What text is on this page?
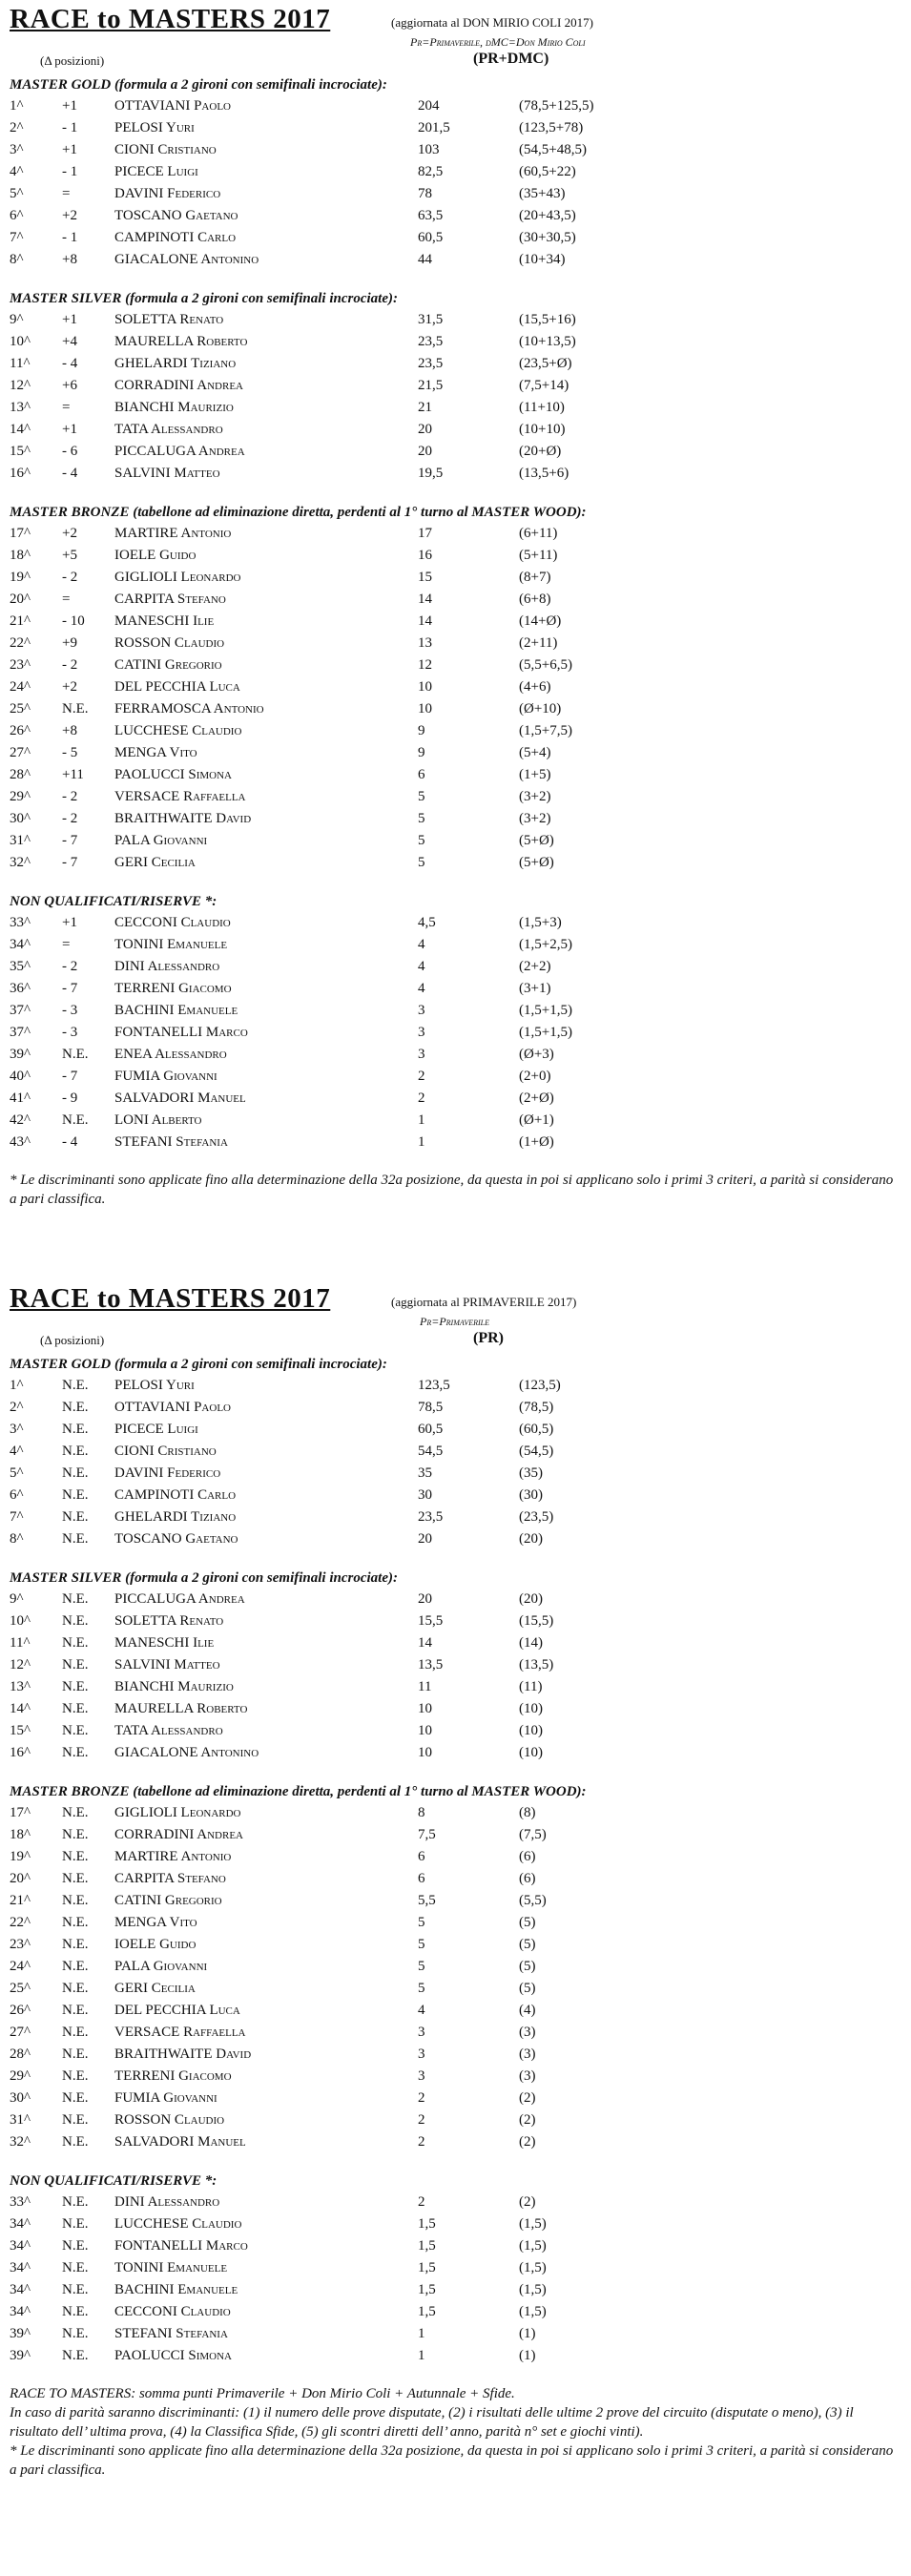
RACE to MASTERS 2017	(aggiornata al DON MIRIO COLI 2017)
Pr=Primaverile, dMC=Don Mirio Coli
(Δ posizioni)	(PR+DMC)
MASTER GOLD (formula a 2 gironi con semifinali incrociate):
1^	+1	OTTAVIANI Paolo	204	(78,5+125,5)
2^	- 1	PELOSI Yuri	201,5	(123,5+78)
3^	+1	CIONI Cristiano	103	(54,5+48,5)
4^	- 1	PICECE Luigi	82,5	(60,5+22)
5^	=	DAVINI Federico	78	(35+43)
6^	+2	TOSCANO Gaetano	63,5	(20+43,5)
7^	- 1	CAMPINOTI Carlo	60,5	(30+30,5)
8^	+8	GIACALONE Antonino	44	(10+34)
MASTER SILVER (formula a 2 gironi con semifinali incrociate):
9^	+1	SOLETTA Renato	31,5	(15,5+16)
10^ +4	MAURELLA Roberto	23,5	(10+13,5)
11^ - 4	GHELARDI Tiziano	23,5	(23,5+Ø)
12^ +6	CORRADINI Andrea	21,5	(7,5+14)
13^ =	BIANCHI Maurizio	21	(11+10)
14^ +1	TATA Alessandro	20	(10+10)
15^ - 6	PICCALUGA Andrea	20	(20+Ø)
16^ - 4	SALVINI Matteo	19,5	(13,5+6)
MASTER BRONZE (tabellone ad eliminazione diretta, perdenti al 1° turno al MASTER WOOD):
17^ +2	MARTIRE Antonio	17	(6+11)
18^ +5	IOELE Guido	16	(5+11)
19^ - 2	GIGLIOLI Leonardo	15	(8+7)
20^ =	CARPITA Stefano	14	(6+8)
21^ - 10 MANESCHI Ilie	14	(14+Ø)
22^ +9	ROSSON Claudio	13	(2+11)
23^ - 2	CATINI Gregorio	12	(5,5+6,5)
24^ +2	DEL PECCHIA Luca	10	(4+6)
25^ N.E. FERRAMOSCA Antonio	10	(Ø+10)
26^ +8	LUCCHESE Claudio	9	(1,5+7,5)
27^ - 5	MENGA Vito	9	(5+4)
28^ +11 PAOLUCCI Simona	6	(1+5)
29^ - 2	VERSACE Raffaella	5	(3+2)
30^ - 2	BRAITHWAITE David	5	(3+2)
31^ - 7	PALA Giovanni	5	(5+Ø)
32^ - 7	GERI Cecilia	5	(5+Ø)
NON QUALIFICATI/RISERVE *:
33^ +1	CECCONI Claudio	4,5	(1,5+3)
34^ =	TONINI Emanuele	4	(1,5+2,5)
35^ - 2	DINI Alessandro	4	(2+2)
36^ - 7	TERRENI Giacomo	4	(3+1)
37^ - 3	BACHINI Emanuele	3	(1,5+1,5)
37^ - 3	FONTANELLI Marco	3	(1,5+1,5)
39^ N.E. ENEA Alessandro	3	(Ø+3)
40^ - 7	FUMIA Giovanni	2	(2+0)
41^ - 9	SALVADORI Manuel	2	(2+Ø)
42^ N.E. LONI Alberto	1	(Ø+1)
43^ - 4	STEFANI Stefania	1	(1+Ø)

* Le discriminanti sono applicate fino alla determinazione della 32a posizione, da questa in poi si applicano solo i primi 3 criteri, a parità si considerano a pari classifica.

RACE to MASTERS 2017	(aggiornata al PRIMAVERILE 2017)
Pr=Primaverile
(Δ posizioni)	(PR)
MASTER GOLD (formula a 2 gironi con semifinali incrociate):
1^	N.E. PELOSI Yuri	123,5	(123,5)
2^	N.E. OTTAVIANI Paolo	78,5	(78,5)
3^	N.E. PICECE Luigi	60,5	(60,5)
4^	N.E. CIONI Cristiano	54,5	(54,5)
5^	N.E. DAVINI Federico	35	(35)
6^	N.E. CAMPINOTI Carlo	30	(30)
7^	N.E. GHELARDI Tiziano	23,5	(23,5)
8^	N.E. TOSCANO Gaetano	20	(20)
MASTER SILVER (formula a 2 gironi con semifinali incrociate):
9^	N.E. PICCALUGA Andrea	20	(20)
10^ N.E. SOLETTA Renato	15,5	(15,5)
11^ N.E. MANESCHI Ilie	14	(14)
12^ N.E. SALVINI Matteo	13,5	(13,5)
13^ N.E. BIANCHI Maurizio	11	(11)
14^ N.E. MAURELLA Roberto	10	(10)
15^ N.E. TATA Alessandro	10	(10)
16^ N.E. GIACALONE Antonino	10	(10)
MASTER BRONZE (tabellone ad eliminazione diretta, perdenti al 1° turno al MASTER WOOD):
17^ N.E. GIGLIOLI Leonardo	8	(8)
18^ N.E. CORRADINI Andrea	7,5	(7,5)
19^ N.E. MARTIRE Antonio	6	(6)
20^ N.E. CARPITA Stefano	6	(6)
21^ N.E. CATINI Gregorio	5,5	(5,5)
22^ N.E. MENGA Vito	5	(5)
23^ N.E. IOELE Guido	5	(5)
24^ N.E. PALA Giovanni	5	(5)
25^ N.E. GERI Cecilia	5	(5)
26^ N.E. DEL PECCHIA Luca	4	(4)
27^ N.E. VERSACE Raffaella	3	(3)
28^ N.E. BRAITHWAITE David	3	(3)
29^ N.E. TERRENI Giacomo	3	(3)
30^ N.E. FUMIA Giovanni	2	(2)
31^ N.E. ROSSON Claudio	2	(2)
32^ N.E. SALVADORI Manuel	2	(2)
NON QUALIFICATI/RISERVE *:
33^ N.E. DINI Alessandro	2	(2)
34^ N.E. LUCCHESE Claudio	1,5	(1,5)
34^ N.E. FONTANELLI Marco	1,5	(1,5)
34^ N.E. TONINI Emanuele	1,5	(1,5)
34^ N.E. BACHINI Emanuele	1,5	(1,5)
34^ N.E. CECCONI Claudio	1,5	(1,5)
39^ N.E. STEFANI Stefania	1	(1)
39^ N.E. PAOLUCCI Simona	1	(1)

RACE TO MASTERS: somma punti Primaverile + Don Mirio Coli + Autunnale + Sfide.

In caso di parità saranno discriminanti: (1) il numero delle prove disputate, (2) i risultati delle ultime 2 prove del circuito (disputate o meno), (3) il risultato dell’ ultima prova, (4) la Classifica Sfide, (5) gli scontri diretti dell’ anno, parità n° set e giochi vinti).

* Le discriminanti sono applicate fino alla determinazione della 32a posizione, da questa in poi si applicano solo i primi 3 criteri, a parità si considerano a pari classifica.
